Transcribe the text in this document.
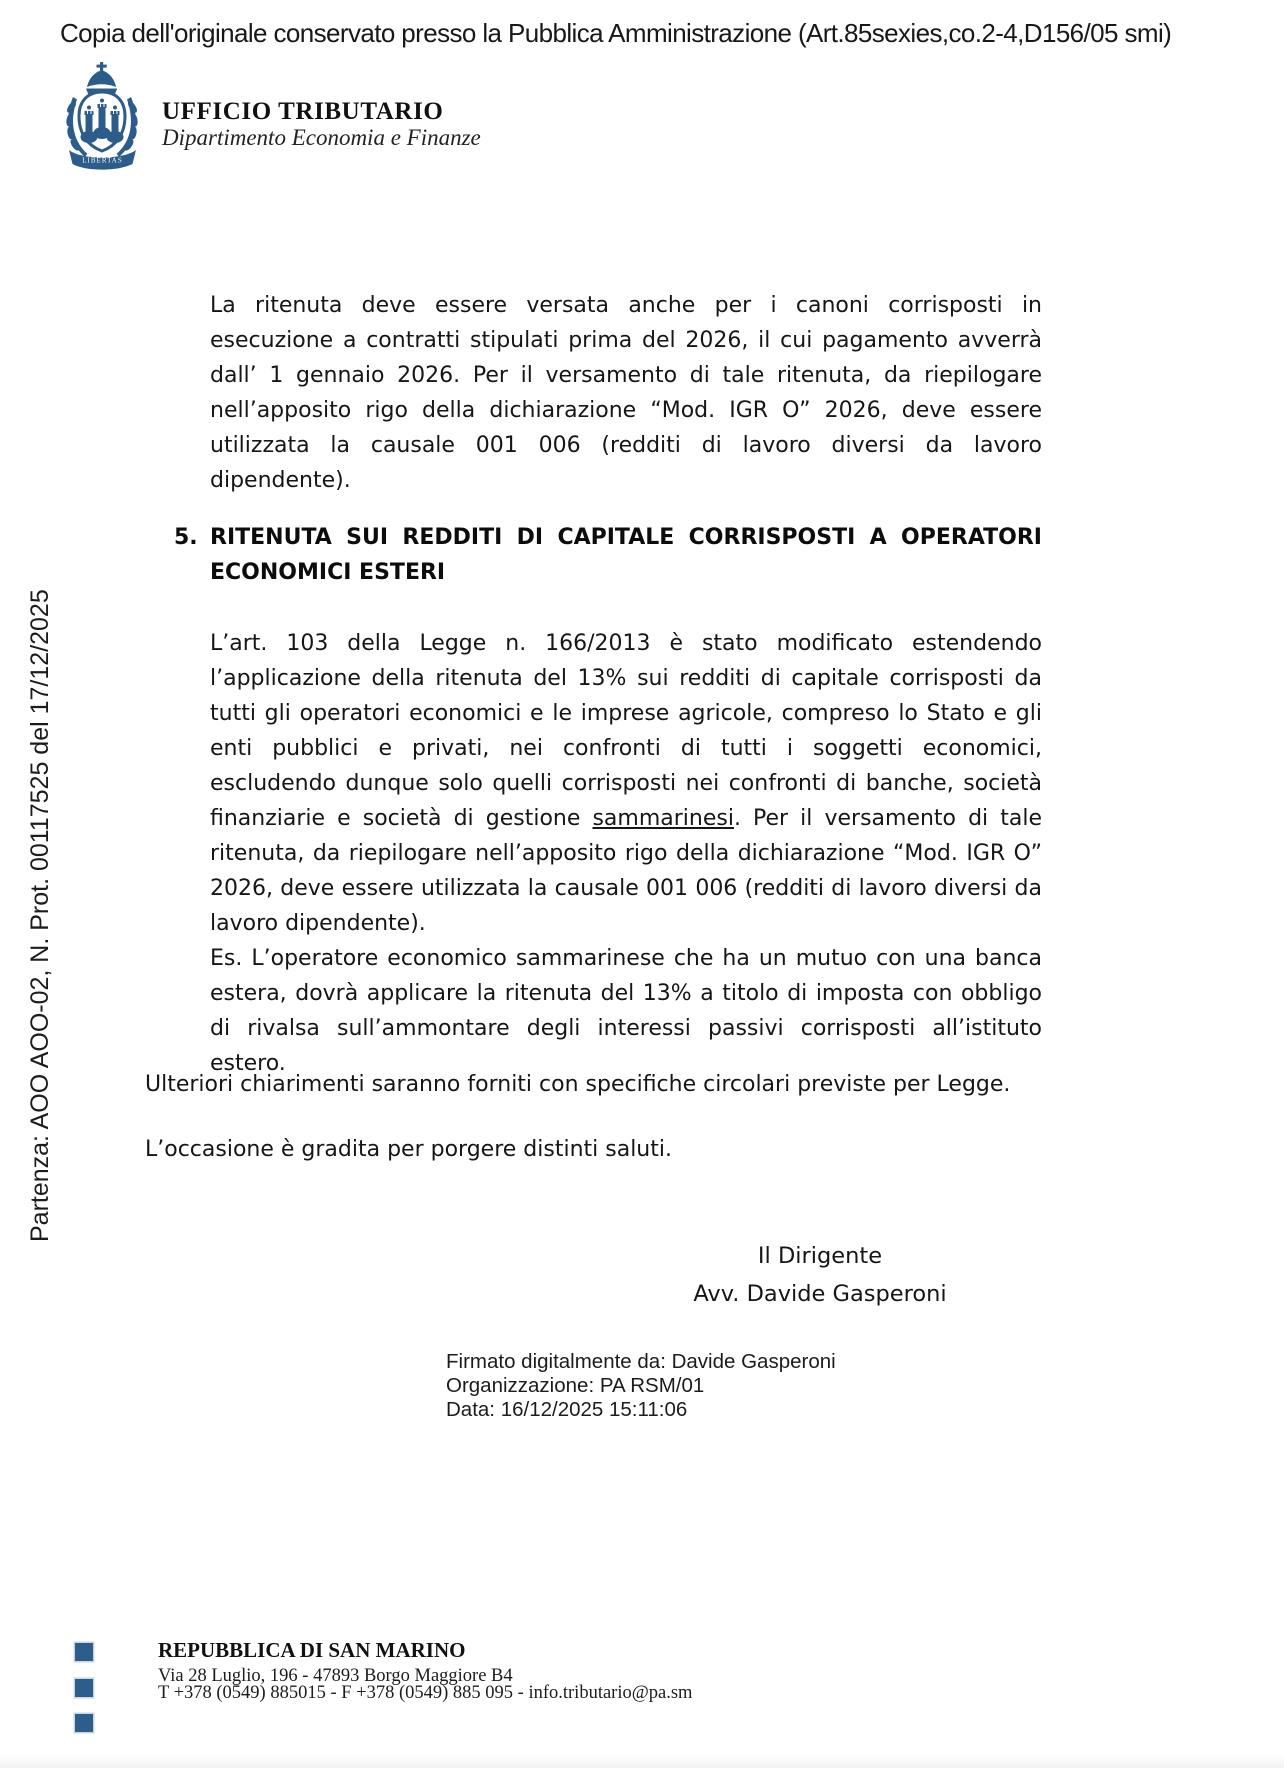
Copia dell'originale conservato presso la Pubblica Amministrazione (Art.85sexies,co.2-4,D156/05 smi)
LIBERTAS
UFFICIO TRIBUTARIO
Dipartimento Economia e Finanze
Partenza: AOO AOO-02, N. Prot. 00117525 del 17/12/2025

La ritenuta deve essere versata anche per i canoni corrisposti in esecuzione a contratti stipulati prima del 2026, il cui pagamento avverrà dall’ 1 gennaio 2026. Per il versamento di tale ritenuta, da riepilogare nell’apposito rigo della dichiarazione “Mod. IGR O” 2026, deve essere utilizzata la causale 001 006 (redditi di lavoro diversi da lavoro dipendente).

5. RITENUTA SUI REDDITI DI CAPITALE CORRISPOSTI A OPERATORI ECONOMICI ESTERI

L’art. 103 della Legge n. 166/2013 è stato modificato estendendo l’applicazione della ritenuta del 13% sui redditi di capitale corrisposti da tutti gli operatori economici e le imprese agricole, compreso lo Stato e gli enti pubblici e privati, nei confronti di tutti i soggetti economici, escludendo dunque solo quelli corrisposti nei confronti di banche, società finanziarie e società di gestione sammarinesi. Per il versamento di tale ritenuta, da riepilogare nell’apposito rigo della dichiarazione “Mod. IGR O” 2026, deve essere utilizzata la causale 001 006 (redditi di lavoro diversi da lavoro dipendente).

Es. L’operatore economico sammarinese che ha un mutuo con una banca estera, dovrà applicare la ritenuta del 13% a titolo di imposta con obbligo di rivalsa sull’ammontare degli interessi passivi corrisposti all’istituto estero.

Ulteriori chiarimenti saranno forniti con specifiche circolari previste per Legge.
L’occasione è gradita per porgere distinti saluti.
Il Dirigente
Avv. Davide Gasperoni
Firmato digitalmente da: Davide Gasperoni
Organizzazione: PA RSM/01
Data: 16/12/2025 15:11:06
REPUBBLICA DI SAN MARINO
Via 28 Luglio, 196 - 47893 Borgo Maggiore B4
T +378 (0549) 885015 - F +378 (0549) 885 095 - info.tributario@pa.sm
